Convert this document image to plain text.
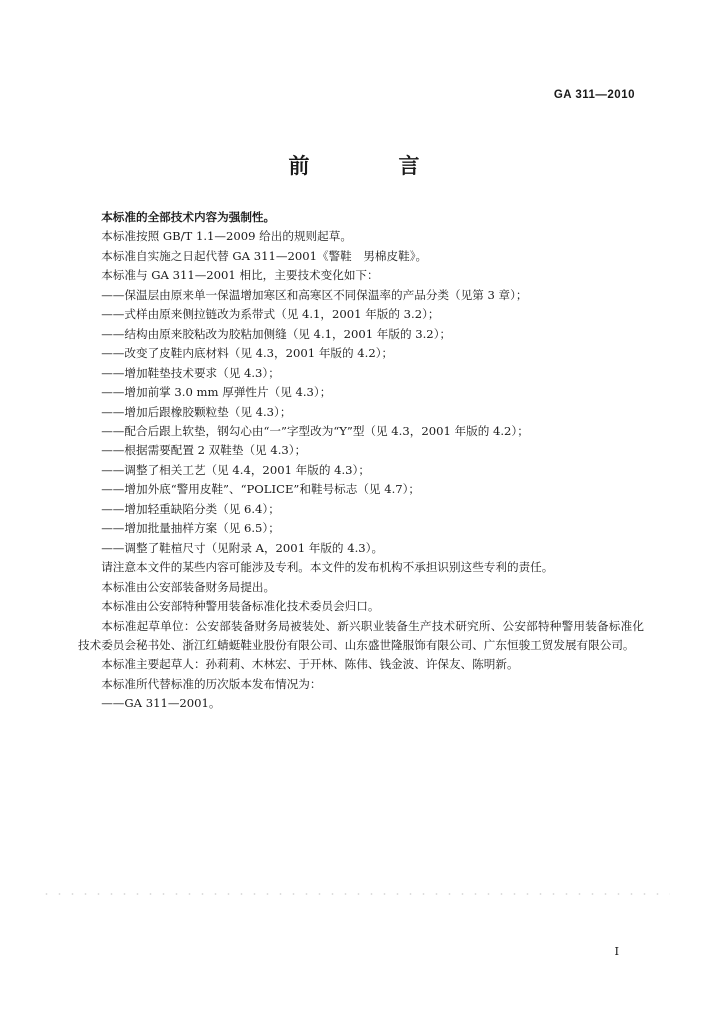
GA 311—2010
前　言

本标准的全部技术内容为强制性。

本标准按照 GB/T 1.1—2009 给出的规则起草。

本标准自实施之日起代替 GA 311—2001《警鞋　男棉皮鞋》。

本标准与 GA 311—2001 相比，主要技术变化如下：

——保温层由原来单一保温增加寒区和高寒区不同保温率的产品分类（见第 3 章）；

——式样由原来侧拉链改为系带式（见 4.1，2001 年版的 3.2）；

——结构由原来胶粘改为胶粘加侧缝（见 4.1，2001 年版的 3.2）；

——改变了皮鞋内底材料（见 4.3，2001 年版的 4.2）；

——增加鞋垫技术要求（见 4.3）；

——增加前掌 3.0 mm 厚弹性片（见 4.3）；

——增加后跟橡胶颗粒垫（见 4.3）；

——配合后跟上软垫，钢勾心由“一”字型改为“Y”型（见 4.3，2001 年版的 4.2）；

——根据需要配置 2 双鞋垫（见 4.3）；

——调整了相关工艺（见 4.4，2001 年版的 4.3）；

——增加外底“警用皮鞋”、“POLICE”和鞋号标志（见 4.7）；

——增加轻重缺陷分类（见 6.4）；

——增加批量抽样方案（见 6.5）；

——调整了鞋楦尺寸（见附录 A，2001 年版的 4.3）。

请注意本文件的某些内容可能涉及专利。本文件的发布机构不承担识别这些专利的责任。

本标准由公安部装备财务局提出。

本标准由公安部特种警用装备标准化技术委员会归口。

本标准起草单位：公安部装备财务局被装处、新兴职业装备生产技术研究所、公安部特种警用装备标准化技术委员会秘书处、浙江红蜻蜓鞋业股份有限公司、山东盛世隆服饰有限公司、广东恒骏工贸发展有限公司。

本标准主要起草人：孙莉莉、木林宏、于开林、陈伟、钱金波、许保友、陈明新。

本标准所代替标准的历次版本发布情况为：

——GA 311—2001。

I
